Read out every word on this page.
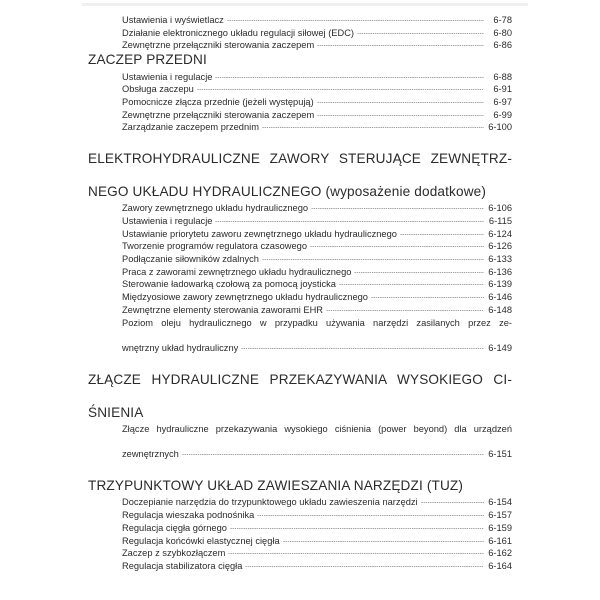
Ustawienia i wyświetlacz	6-78
Działanie elektronicznego układu regulacji siłowej (EDC)	6-80
Zewnętrzne przełączniki sterowania zaczepem	6-86
ZACZEP PRZEDNI
Ustawienia i regulacje	6-88
Obsługa zaczepu	6-91
Pomocnicze złącza przednie (jeżeli występują)	6-97
Zewnętrzne przełączniki sterowania zaczepem	6-99
Zarządzanie zaczepem przednim	6-100
ELEKTROHYDRAULICZNE ZAWORY STERUJĄCE ZEWNĘTRZ-NEGO UKŁADU HYDRAULICZNEGO (wyposażenie dodatkowe)
Zawory zewnętrznego układu hydraulicznego	6-106
Ustawienia i regulacje	6-115
Ustawianie priorytetu zaworu zewnętrznego układu hydraulicznego	6-124
Tworzenie programów regulatora czasowego	6-126
Podłączanie siłowników zdalnych	6-133
Praca z zaworami zewnętrznego układu hydraulicznego	6-136
Sterowanie ładowarką czołową za pomocą joysticka	6-139
Międzyosiowe zawory zewnętrznego układu hydraulicznego	6-146
Zewnętrzne elementy sterowania zaworami EHR	6-148
Poziom oleju hydraulicznego w przypadku używania narzędzi zasilanych przez ze-
wnętrzny układ hydrauliczny	6-149
ZŁĄCZE HYDRAULICZNE PRZEKAZYWANIA WYSOKIEGO CI-ŚNIENIA
Złącze hydrauliczne przekazywania wysokiego ciśnienia (power beyond) dla urządzeń
zewnętrznych	6-151
TRZYPUNKTOWY UKŁAD ZAWIESZANIA NARZĘDZI (TUZ)
Doczepianie narzędzia do trzypunktowego układu zawieszenia narzędzi	6-154
Regulacja wieszaka podnośnika	6-157
Regulacja cięgła górnego	6-159
Regulacja końcówki elastycznej cięgła	6-161
Zaczep z szybkozłączem	6-162
Regulacja stabilizatora cięgła	6-164
